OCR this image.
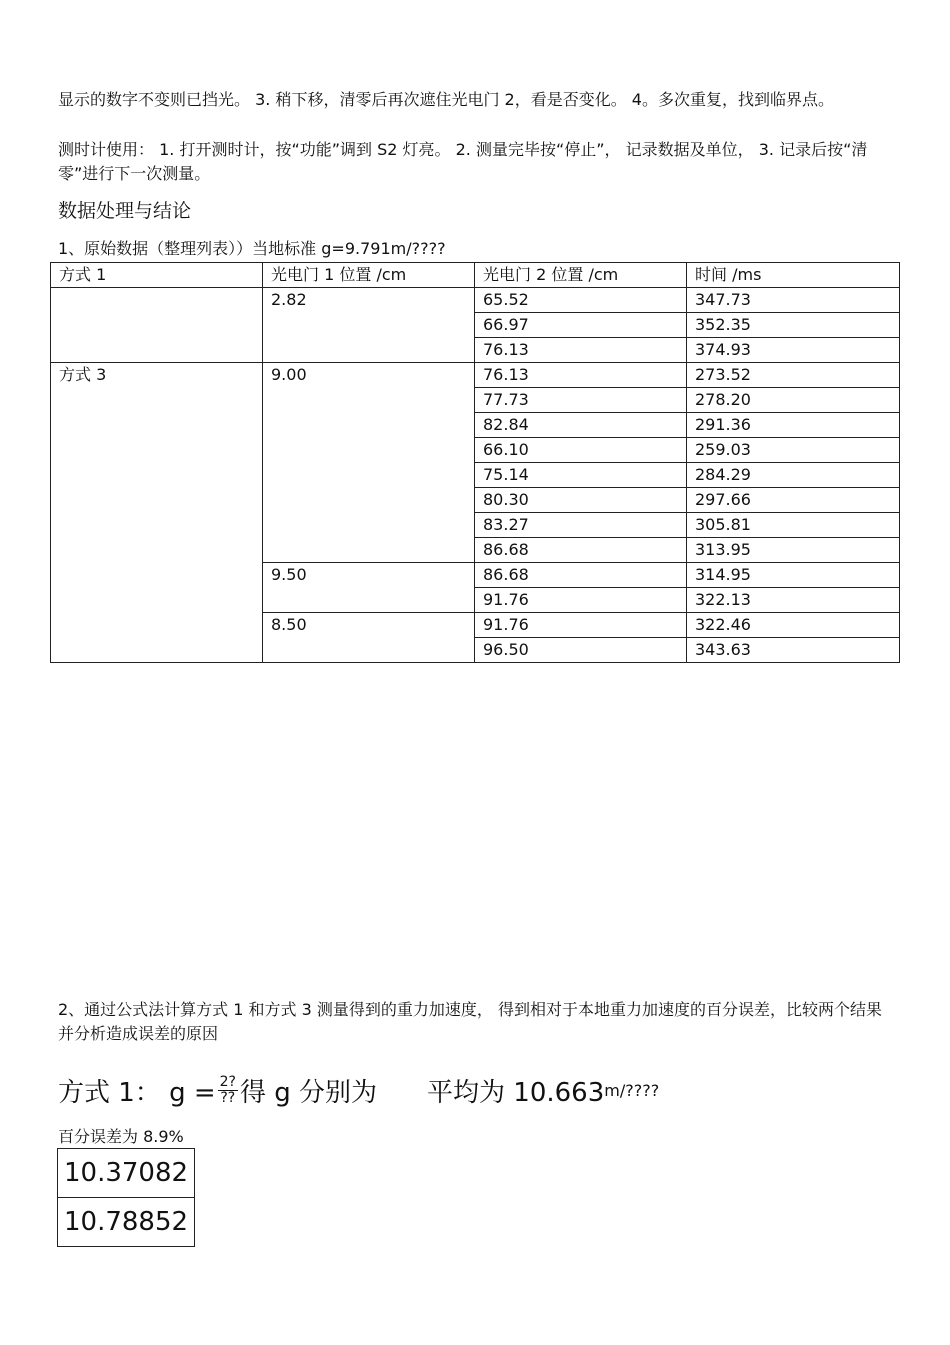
显示的数字不变则已挡光。 3. 稍下移，清零后再次遮住光电门 2，看是否变化。 4。多次重复，找到临界点。
测时计使用： 1. 打开测时计，按“功能”调到 S2 灯亮。 2. 测量完毕按“停止”， 记录数据及单位， 3. 记录后按“清零”进行下一次测量。
数据处理与结论
1、原始数据（整理列表））当地标准 g=9.791m/????
方式 1	光电门 1 位置 /cm	光电门 2 位置 /cm	时间 /ms
	2.82	65.52	347.73
		66.97	352.35
		76.13	374.93
方式 3	9.00	76.13	273.52
		77.73	278.20
		82.84	291.36
		66.10	259.03
		75.14	284.29
		80.30	297.66
		83.27	305.81
		86.68	313.95
	9.50	86.68	314.95
		91.76	322.13
	8.50	91.76	322.46
		96.50	343.63
2、通过公式法计算方式 1 和方式 3 测量得到的重力加速度， 得到相对于本地重力加速度的百分误差，比较两个结果并分析造成误差的原因
方式 1： $g = \frac{2?}{??}$ 得 g 分别为 平均为 10.663 m/????
百分误差为 8.9%
10.37082
10.78852
